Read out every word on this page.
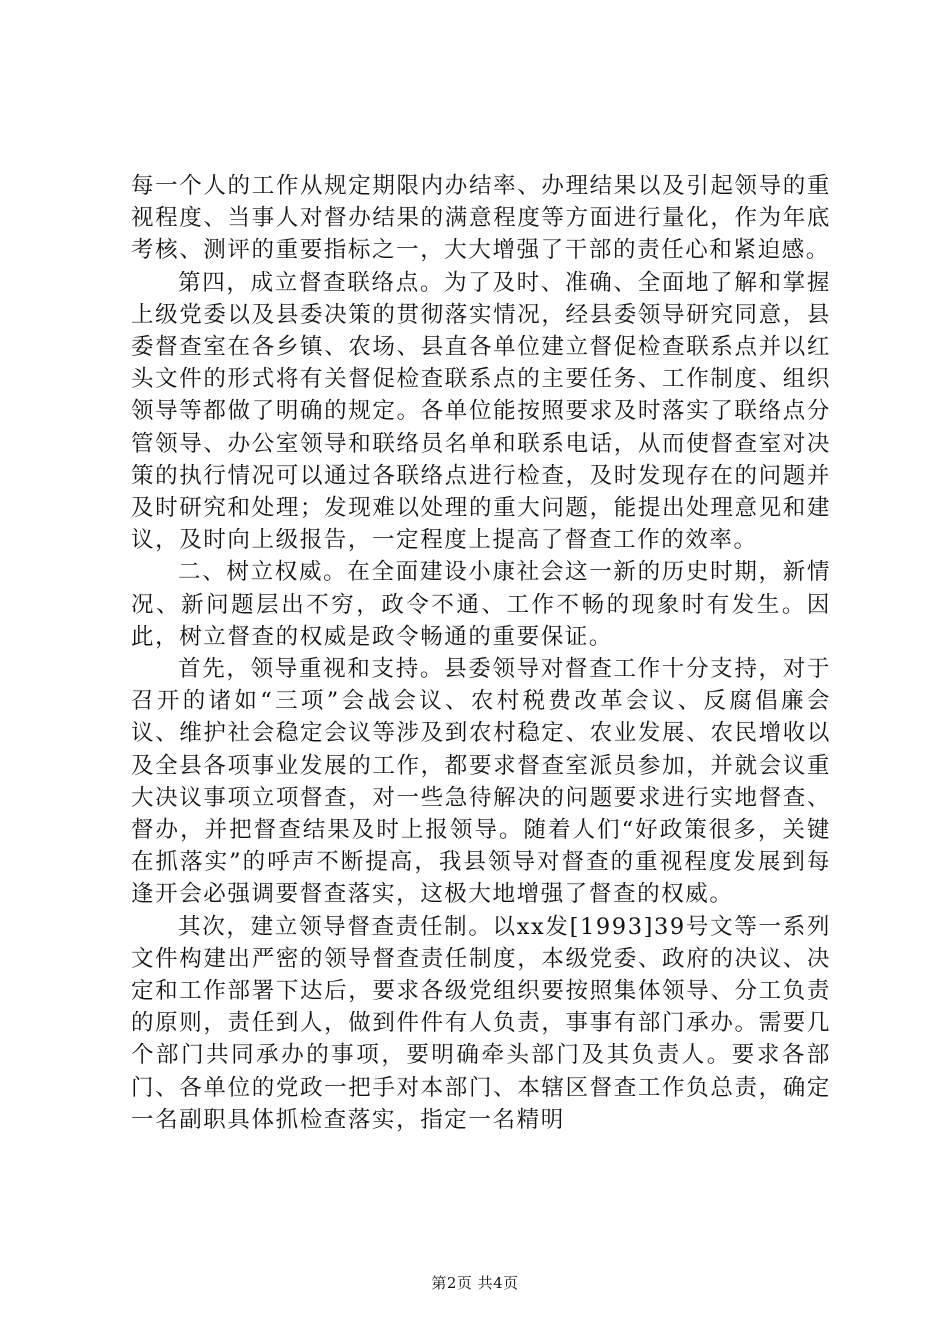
每一个人的工作从规定期限内办结率、办理结果以及引起领导的重视程度、当事人对督办结果的满意程度等方面进行量化，作为年底考核、测评的重要指标之一，大大增强了干部的责任心和紧迫感。

第四，成立督查联络点。为了及时、准确、全面地了解和掌握上级党委以及县委决策的贯彻落实情况，经县委领导研究同意，县委督查室在各乡镇、农场、县直各单位建立督促检查联系点并以红头文件的形式将有关督促检查联系点的主要任务、工作制度、组织领导等都做了明确的规定。各单位能按照要求及时落实了联络点分管领导、办公室领导和联络员名单和联系电话，从而使督查室对决策的执行情况可以通过各联络点进行检查，及时发现存在的问题并及时研究和处理；发现难以处理的重大问题，能提出处理意见和建议，及时向上级报告，一定程度上提高了督查工作的效率。

二、树立权威。在全面建设小康社会这一新的历史时期，新情况、新问题层出不穷，政令不通、工作不畅的现象时有发生。因此，树立督查的权威是政令畅通的重要保证。

首先，领导重视和支持。县委领导对督查工作十分支持，对于召开的诸如“三项”会战会议、农村税费改革会议、反腐倡廉会议、维护社会稳定会议等涉及到农村稳定、农业发展、农民增收以及全县各项事业发展的工作，都要求督查室派员参加，并就会议重大决议事项立项督查，对一些急待解决的问题要求进行实地督查、督办，并把督查结果及时上报领导。随着人们“好政策很多，关键在抓落实”的呼声不断提高，我县领导对督查的重视程度发展到每逢开会必强调要督查落实，这极大地增强了督查的权威。

其次，建立领导督查责任制。以xx发[1993]39号文等一系列文件构建出严密的领导督查责任制度，本级党委、政府的决议、决定和工作部署下达后，要求各级党组织要按照集体领导、分工负责的原则，责任到人，做到件件有人负责，事事有部门承办。需要几个部门共同承办的事项，要明确牵头部门及其负责人。要求各部门、各单位的党政一把手对本部门、本辖区督查工作负总责，确定一名副职具体抓检查落实，指定一名精明

第2页 共4页
